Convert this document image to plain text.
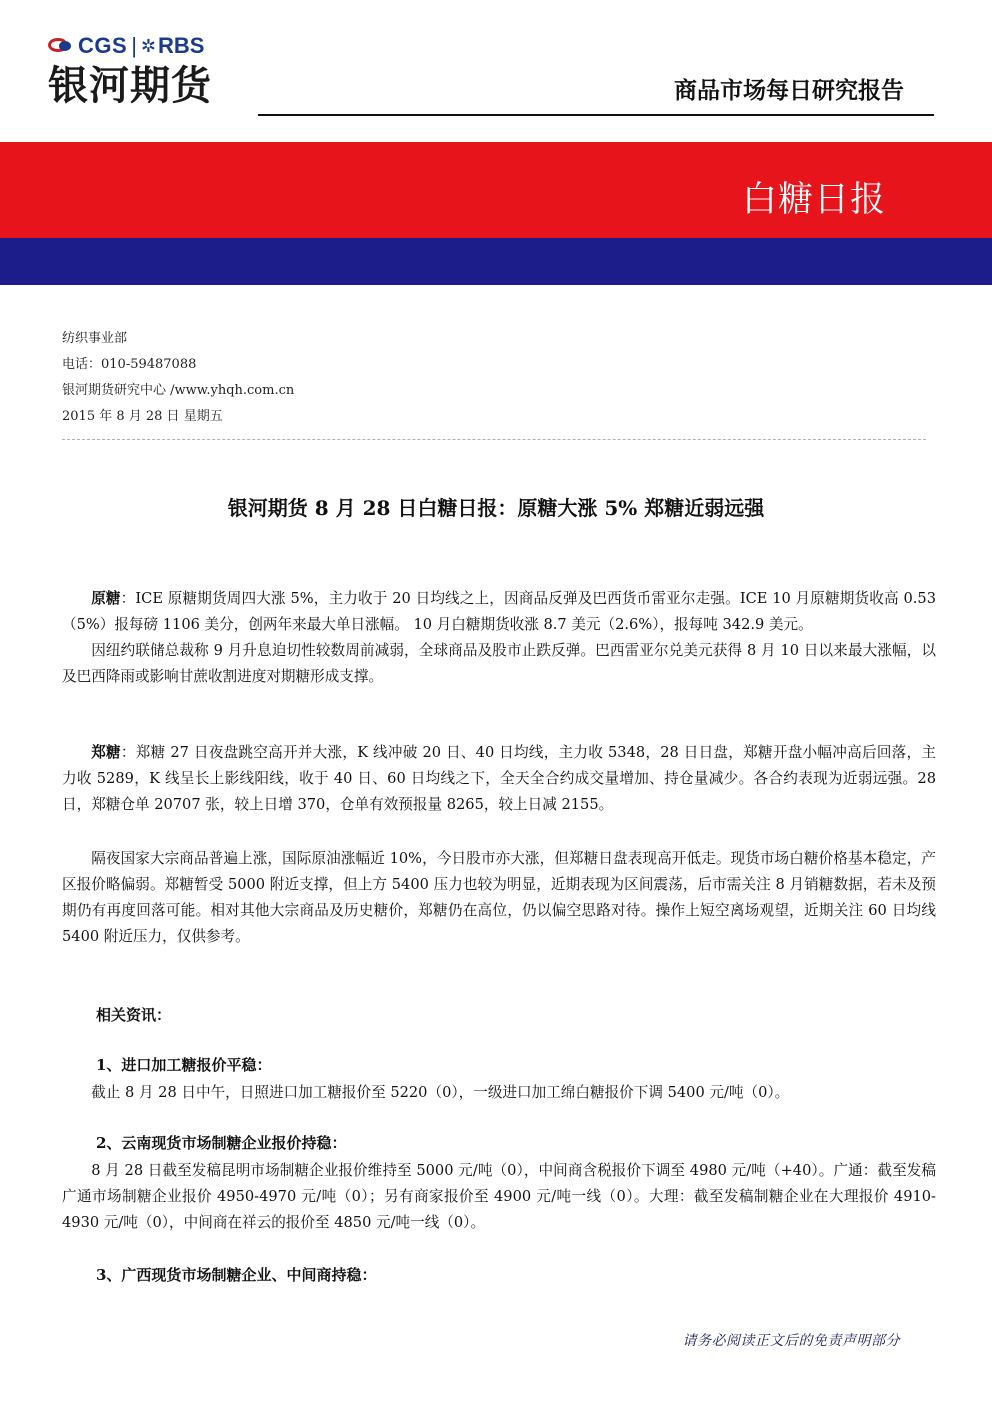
CGS | ✲ RBS
银河期货	商品市场每日研究报告
白糖日报
纺织事业部
电话：010-59487088
银河期货研究中心 /www.yhqh.com.cn
2015 年 8 月 28 日 星期五
银河期货 8 月 28 日白糖日报：原糖大涨 5% 郑糖近弱远强

原糖：ICE 原糖期货周四大涨 5%，主力收于 20 日均线之上，因商品反弹及巴西货币雷亚尔走强。ICE 10 月原糖期货收高 0.53（5%）报每磅 1106 美分，创两年来最大单日涨幅。 10 月白糖期货收涨 8.7 美元（2.6%），报每吨 342.9 美元。

因纽约联储总裁称 9 月升息迫切性较数周前减弱，全球商品及股市止跌反弹。巴西雷亚尔兑美元获得 8 月 10 日以来最大涨幅，以及巴西降雨或影响甘蔗收割进度对期糖形成支撑。

郑糖：郑糖 27 日夜盘跳空高开并大涨，K 线冲破 20 日、40 日均线，主力收 5348，28 日日盘，郑糖开盘小幅冲高后回落，主力收 5289，K 线呈长上影线阳线，收于 40 日、60 日均线之下，全天全合约成交量增加、持仓量减少。各合约表现为近弱远强。28 日，郑糖仓单 20707 张，较上日增 370，仓单有效预报量 8265，较上日减 2155。

隔夜国家大宗商品普遍上涨，国际原油涨幅近 10%，今日股市亦大涨，但郑糖日盘表现高开低走。现货市场白糖价格基本稳定，产区报价略偏弱。郑糖暂受 5000 附近支撑，但上方 5400 压力也较为明显，近期表现为区间震荡，后市需关注 8 月销糖数据，若未及预期仍有再度回落可能。相对其他大宗商品及历史糖价，郑糖仍在高位，仍以偏空思路对待。操作上短空离场观望，近期关注 60 日均线 5400 附近压力，仅供参考。

相关资讯：
1、进口加工糖报价平稳：

截止 8 月 28 日中午，日照进口加工糖报价至 5220（0），一级进口加工绵白糖报价下调 5400 元/吨（0）。

2、云南现货市场制糖企业报价持稳：

8 月 28 日截至发稿昆明市场制糖企业报价维持至 5000 元/吨（0），中间商含税报价下调至 4980 元/吨（+40）。广通：截至发稿广通市场制糖企业报价 4950-4970 元/吨（0）；另有商家报价至 4900 元/吨一线（0）。大理：截至发稿制糖企业在大理报价 4910-4930 元/吨（0），中间商在祥云的报价至 4850 元/吨一线（0）。

3、广西现货市场制糖企业、中间商持稳：
请务必阅读正文后的免责声明部分
